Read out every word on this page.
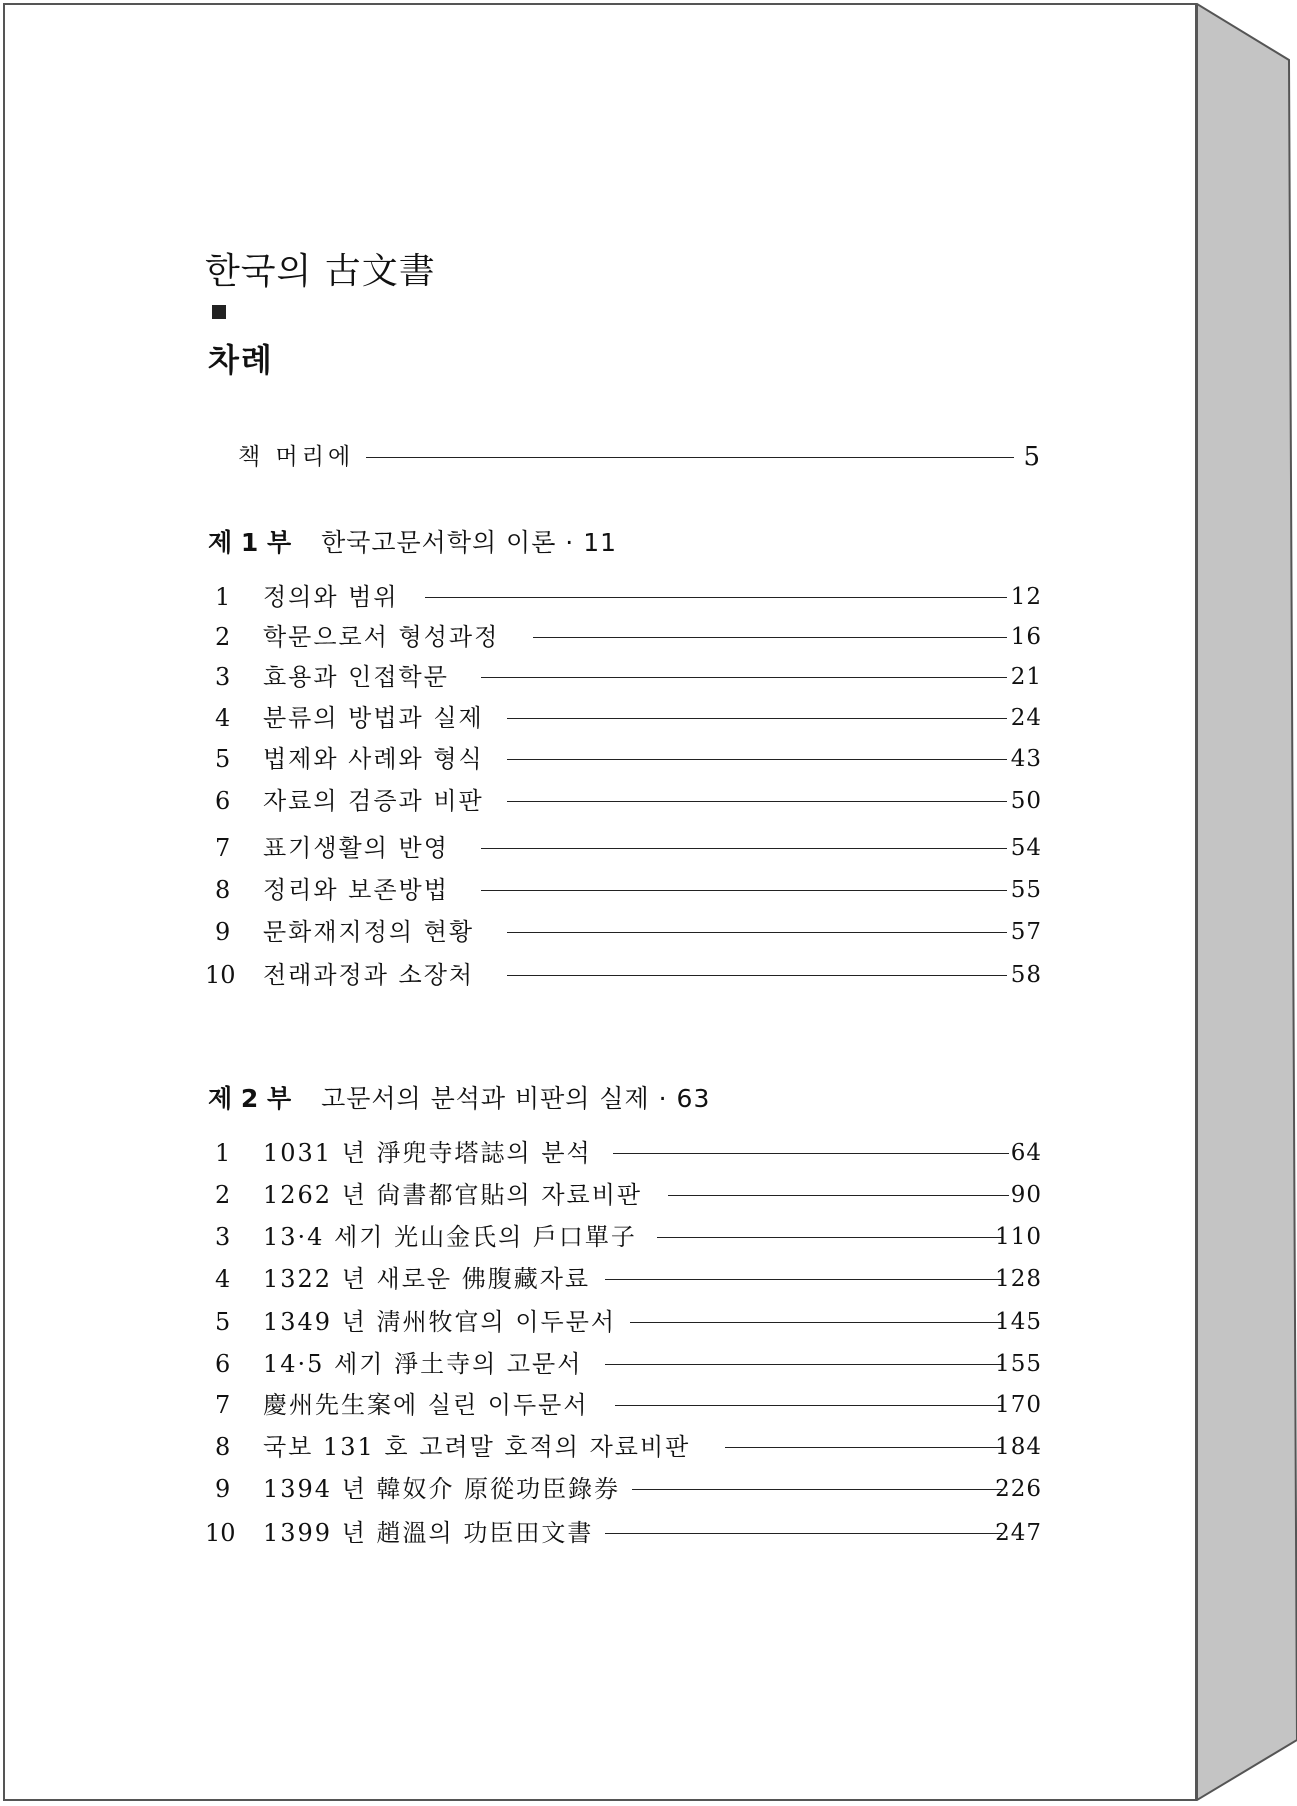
한국의 古文書
차례
책 머리에	5
제 1 부 한국고문서학의 이론 · 11
1	정의와 범위	12
2	학문으로서 형성과정	16
3	효용과 인접학문	21
4	분류의 방법과 실제	24
5	법제와 사례와 형식	43
6	자료의 검증과 비판	50
7	표기생활의 반영	54
8	정리와 보존방법	55
9	문화재지정의 현황	57
10	전래과정과 소장처	58
제 2 부 고문서의 분석과 비판의 실제 · 63
1	1031 년 淨兜寺塔誌의 분석	64
2	1262 년 尙書都官貼의 자료비판	90
3	13·4 세기 光山金氏의 戶口單子	110
4	1322 년 새로운 佛腹藏자료	128
5	1349 년 淸州牧官의 이두문서	145
6	14·5 세기 淨土寺의 고문서	155
7	慶州先生案에 실린 이두문서	170
8	국보 131 호 고려말 호적의 자료비판	184
9	1394 년 韓奴介 原從功臣錄券	226
10	1399 년 趙溫의 功臣田文書	247
